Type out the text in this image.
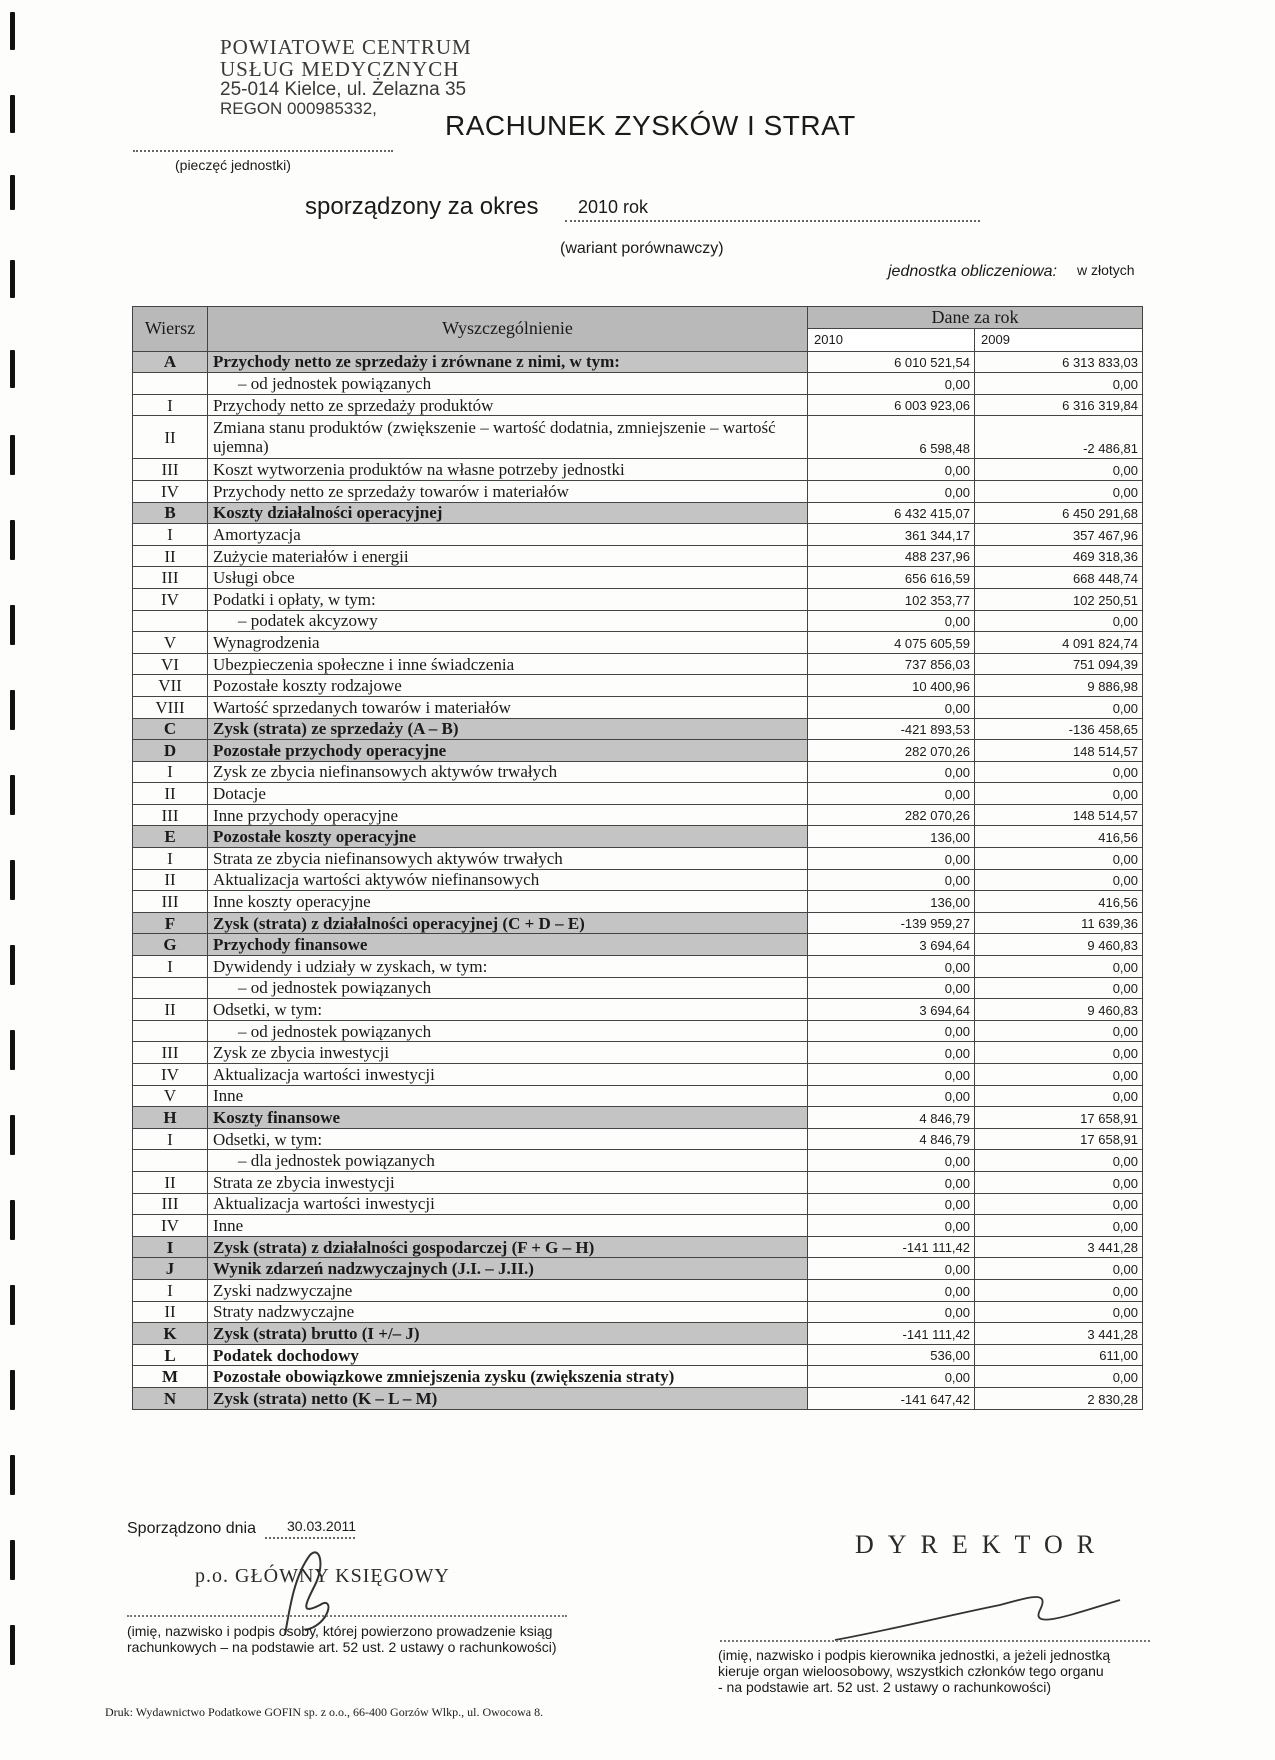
POWIATOWE CENTRUM
USŁUG MEDYCZNYCH
25-014 Kielce, ul. Żelazna 35
REGON 000985332,
(pieczęć jednostki)
RACHUNEK ZYSKÓW I STRAT
sporządzony za okres 2010 rok
(wariant porównawczy)
jednostka obliczeniowa: w złotych
Wiersz	Wyszczególnienie	Dane za rok	
		2010	2009
A	Przychody netto ze sprzedaży i zrównane z nimi, w tym:	6 010 521,54	6 313 833,03
	– od jednostek powiązanych	0,00	0,00
I	Przychody netto ze sprzedaży produktów	6 003 923,06	6 316 319,84
II	Zmiana stanu produktów (zwiększenie – wartość dodatnia, zmniejszenie – wartość ujemna)	6 598,48	-2 486,81
III	Koszt wytworzenia produktów na własne potrzeby jednostki	0,00	0,00
IV	Przychody netto ze sprzedaży towarów i materiałów	0,00	0,00
B	Koszty działalności operacyjnej	6 432 415,07	6 450 291,68
I	Amortyzacja	361 344,17	357 467,96
II	Zużycie materiałów i energii	488 237,96	469 318,36
III	Usługi obce	656 616,59	668 448,74
IV	Podatki i opłaty, w tym:	102 353,77	102 250,51
	– podatek akcyzowy	0,00	0,00
V	Wynagrodzenia	4 075 605,59	4 091 824,74
VI	Ubezpieczenia społeczne i inne świadczenia	737 856,03	751 094,39
VII	Pozostałe koszty rodzajowe	10 400,96	9 886,98
VIII	Wartość sprzedanych towarów i materiałów	0,00	0,00
C	Zysk (strata) ze sprzedaży (A – B)	-421 893,53	-136 458,65
D	Pozostałe przychody operacyjne	282 070,26	148 514,57
I	Zysk ze zbycia niefinansowych aktywów trwałych	0,00	0,00
II	Dotacje	0,00	0,00
III	Inne przychody operacyjne	282 070,26	148 514,57
E	Pozostałe koszty operacyjne	136,00	416,56
I	Strata ze zbycia niefinansowych aktywów trwałych	0,00	0,00
II	Aktualizacja wartości aktywów niefinansowych	0,00	0,00
III	Inne koszty operacyjne	136,00	416,56
F	Zysk (strata) z działalności operacyjnej (C + D – E)	-139 959,27	11 639,36
G	Przychody finansowe	3 694,64	9 460,83
I	Dywidendy i udziały w zyskach, w tym:	0,00	0,00
	– od jednostek powiązanych	0,00	0,00
II	Odsetki, w tym:	3 694,64	9 460,83
	– od jednostek powiązanych	0,00	0,00
III	Zysk ze zbycia inwestycji	0,00	0,00
IV	Aktualizacja wartości inwestycji	0,00	0,00
V	Inne	0,00	0,00
H	Koszty finansowe	4 846,79	17 658,91
I	Odsetki, w tym:	4 846,79	17 658,91
	– dla jednostek powiązanych	0,00	0,00
II	Strata ze zbycia inwestycji	0,00	0,00
III	Aktualizacja wartości inwestycji	0,00	0,00
IV	Inne	0,00	0,00
I	Zysk (strata) z działalności gospodarczej (F + G – H)	-141 111,42	3 441,28
J	Wynik zdarzeń nadzwyczajnych (J.I. – J.II.)	0,00	0,00
I	Zyski nadzwyczajne	0,00	0,00
II	Straty nadzwyczajne	0,00	0,00
K	Zysk (strata) brutto (I +/– J)	-141 111,42	3 441,28
L	Podatek dochodowy	536,00	611,00
M	Pozostałe obowiązkowe zmniejszenia zysku (zwiększenia straty)	0,00	0,00
N	Zysk (strata) netto (K – L – M)	-141 647,42	2 830,28
Sporządzono dnia 30.03.2011
p.o. GŁÓWNY KSIĘGOWY
(imię, nazwisko i podpis osoby, której powierzono prowadzenie ksiąg
rachunkowych – na podstawie art. 52 ust. 2 ustawy o rachunkowości)
DYREKTOR
(imię, nazwisko i podpis kierownika jednostki, a jeżeli jednostką
kieruje organ wieloosobowy, wszystkich członków tego organu
- na podstawie art. 52 ust. 2 ustawy o rachunkowości)
Druk: Wydawnictwo Podatkowe GOFIN sp. z o.o., 66-400 Gorzów Wlkp., ul. Owocowa 8.
